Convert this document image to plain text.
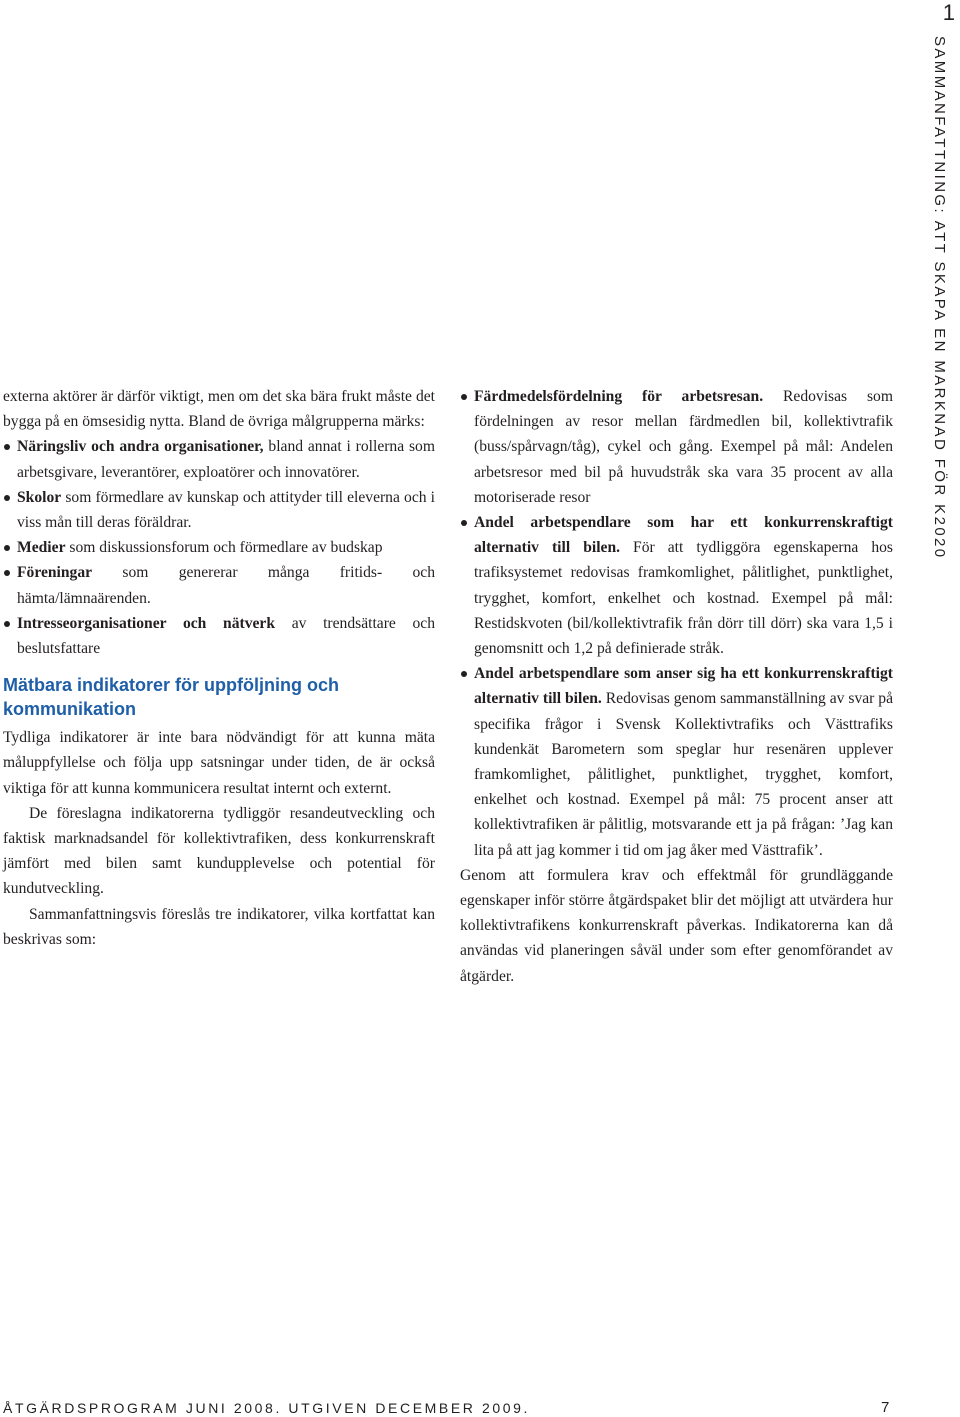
1
SAMMANFATTNING: ATT SKAPA EN MARKNAD FÖR K2020

externa aktörer är därför viktigt, men om det ska bära frukt måste det bygga på en ömsesidig nytta. Bland de övriga målgrupperna märks:

Näringsliv och andra organisationer, bland annat i rollerna som arbetsgivare, leverantörer, exploatörer och innovatörer.
Skolor som förmedlare av kunskap och attityder till eleverna och i viss mån till deras föräldrar.
Medier som diskussionsforum och förmedlare av budskap
Föreningar som genererar många fritids- och hämta/lämnaärenden.
Intresseorganisationer och nätverk av trendsättare och beslutsfattare
Mätbara indikatorer för uppföljning och kommunikation

Tydliga indikatorer är inte bara nödvändigt för att kunna mäta måluppfyllelse och följa upp satsningar under tiden, de är också viktiga för att kunna kommunicera resultat internt och externt.

De föreslagna indikatorerna tydliggör resandeutveckling och faktisk marknadsandel för kollektivtrafiken, dess konkurrenskraft jämfört med bilen samt kundupplevelse och potential för kundutveckling.

Sammanfattningsvis föreslås tre indikatorer, vilka kortfattat kan beskrivas som:

Färdmedelsfördelning för arbetsresan. Redovisas som fördelningen av resor mellan färdmedlen bil, kollektivtrafik (buss/spårvagn/tåg), cykel och gång. Exempel på mål: Andelen arbetsresor med bil på huvudstråk ska vara 35 procent av alla motoriserade resor
Andel arbetspendlare som har ett konkurrenskraftigt alternativ till bilen. För att tydliggöra egenskaperna hos trafiksystemet redovisas framkomlighet, pålitlighet, punktlighet, trygghet, komfort, enkelhet och kostnad. Exempel på mål: Restidskvoten (bil/kollektivtrafik från dörr till dörr) ska vara 1,5 i genomsnitt och 1,2 på definierade stråk.
Andel arbetspendlare som anser sig ha ett konkurrenskraftigt alternativ till bilen. Redovisas genom sammanställning av svar på specifika frågor i Svensk Kollektivtrafiks och Västtrafiks kundenkät Barometern som speglar hur resenären upplever framkomlighet, pålitlighet, punktlighet, trygghet, komfort, enkelhet och kostnad. Exempel på mål: 75 procent anser att kollektivtrafiken är pålitlig, motsvarande ett ja på frågan: ’Jag kan lita på att jag kommer i tid om jag åker med Västtrafik’.

Genom att formulera krav och effektmål för grundläggande egenskaper inför större åtgärdspaket blir det möjligt att utvärdera hur kollektivtrafikens konkurrenskraft påverkas. Indikatorerna kan då användas vid planeringen såväl under som efter genomförandet av åtgärder.

ÅTGÄRDSPROGRAM JUNI 2008. UTGIVEN DECEMBER 2009.	7
